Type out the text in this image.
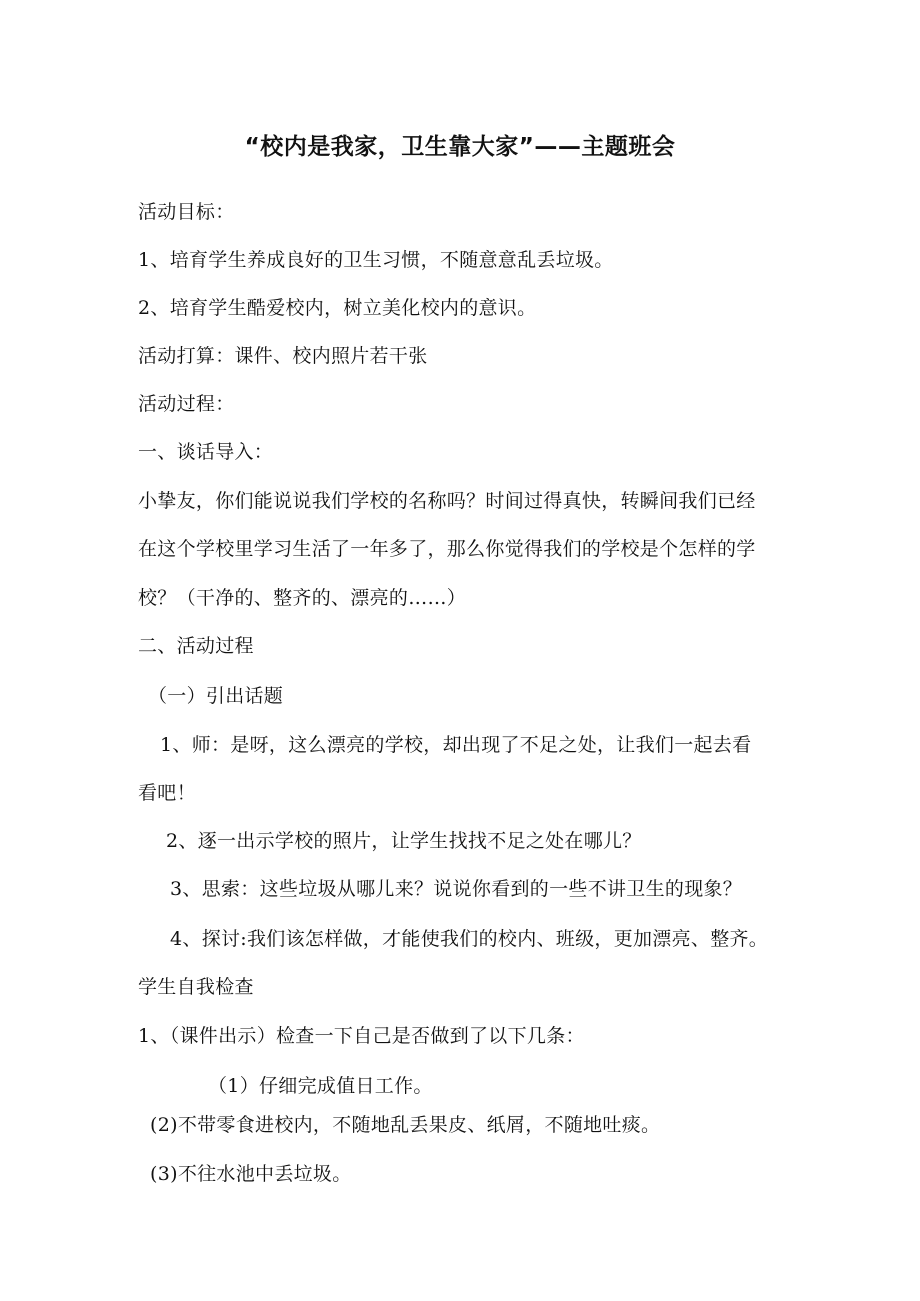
“校内是我家，卫生靠大家”——主题班会
活动目标：
1、培育学生养成良好的卫生习惯，不随意意乱丢垃圾。
2、培育学生酷爱校内，树立美化校内的意识。
活动打算：课件、校内照片若干张
活动过程：
一、谈话导入：
小挚友，你们能说说我们学校的名称吗？时间过得真快，转瞬间我们已经
在这个学校里学习生活了一年多了，那么你觉得我们的学校是个怎样的学
校？（干净的、整齐的、漂亮的……）
二、活动过程
（一）引出话题
1、师：是呀，这么漂亮的学校，却出现了不足之处，让我们一起去看
看吧！
2、逐一出示学校的照片，让学生找找不足之处在哪儿？
3、思索：这些垃圾从哪儿来？说说你看到的一些不讲卫生的现象？
4、探讨:我们该怎样做，才能使我们的校内、班级，更加漂亮、整齐。
学生自我检查
1、（课件出示）检查一下自己是否做到了以下几条：
（1）仔细完成值日工作。
(2)不带零食进校内，不随地乱丢果皮、纸屑，不随地吐痰。
(3)不往水池中丢垃圾。
